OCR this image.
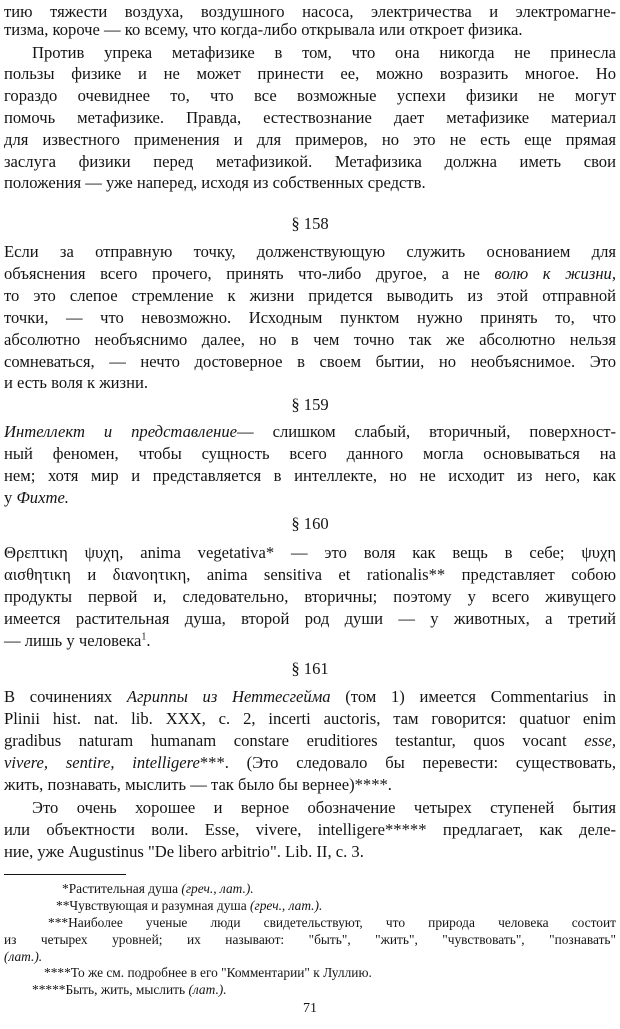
тию тяжести воздуха, воздушного насоса, электричества и электромагне-
тизма, короче — ко всему, что когда-либо открывала или откроет физика.
Против упрека метафизике в том, что она никогда не принесла
пользы физике и не может принести ее, можно возразить многое. Но
гораздо очевиднее то, что все возможные успехи физики не могут
помочь метафизике. Правда, естествознание дает метафизике материал
для известного применения и для примеров, но это не есть еще прямая
заслуга физики перед метафизикой. Метафизика должна иметь свои
положения — уже наперед, исходя из собственных средств.
§ 158
Если за отправную точку, долженствующую служить основанием для
объяснения всего прочего, принять что-либо другое, а не волю к жизни,
то это слепое стремление к жизни придется выводить из этой отправной
точки, — что невозможно. Исходным пунктом нужно принять то, что
абсолютно необъяснимо далее, но в чем точно так же абсолютно нельзя
сомневаться, — нечто достоверное в своем бытии, но необъяснимое. Это
и есть воля к жизни.
§ 159
Интеллект и представление— слишком слабый, вторичный, поверхност-
ный феномен, чтобы сущность всего данного могла основываться на
нем; хотя мир и представляется в интеллекте, но не исходит из него, как
у Фихте.
§ 160
Θρεπτικη ψυχη, anima vegetativa* — это воля как вещь в себе; ψυχη
αισθητικη и διανοητικη, anima sensitiva et rationalis** представляет собою
продукты первой и, следовательно, вторичны; поэтому у всего живущего
имеется растительная душа, второй род души — у животных, а третий
— лишь у человека$^1$.
§ 161
В сочинениях Агриппы из Неттесгейма (том 1) имеется Commentarius in
Plinii hist. nat. lib. XXX, c. 2, incerti auctoris, там говорится: quatuor enim
gradibus naturam humanam constare eruditiores testantur, quos vocant esse,
vivere, sentire, intelligere***. (Это следовало бы перевести: существовать,
жить, познавать, мыслить — так было бы вернее)****.
Это очень хорошее и верное обозначение четырех ступеней бытия
или объектности воли. Esse, vivere, intelligere***** предлагает, как деле-
ние, уже Augustinus "De libero arbitrio". Lib. II, c. 3.
*Растительная душа (греч., лат.).
**Чувствующая и разумная душа (греч., лат.).
***Наиболее ученые люди свидетельствуют, что природа человека состоит
из четырех уровней; их называют: "быть", "жить", "чувствовать", "познавать"
(лат.).
****То же см. подробнее в его "Комментарии" к Луллию.
*****Быть, жить, мыслить (лат.).
71
